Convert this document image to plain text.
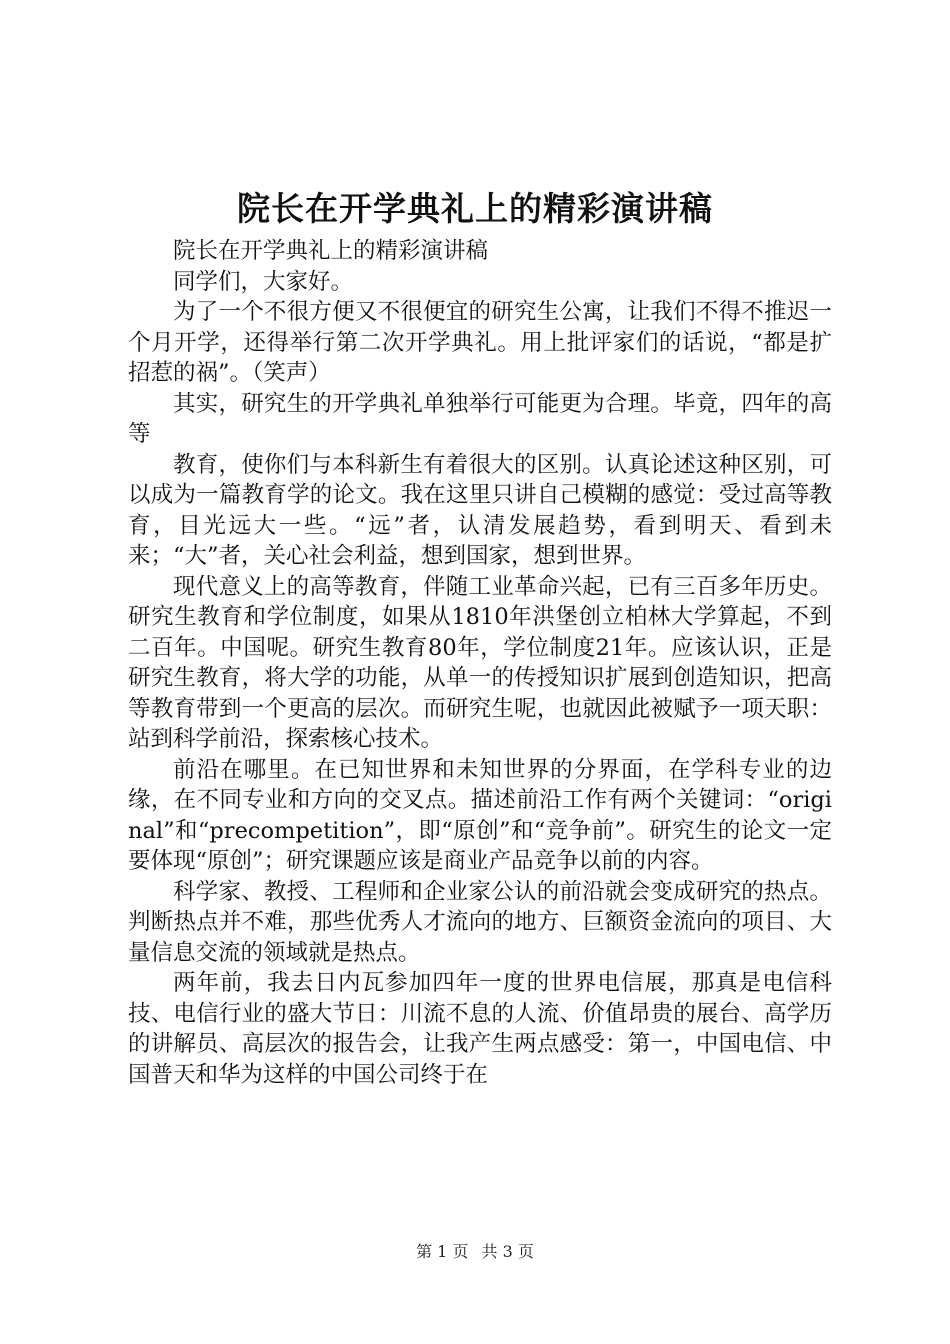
院长在开学典礼上的精彩演讲稿

院长在开学典礼上的精彩演讲稿

同学们，大家好。

为了一个不很方便又不很便宜的研究生公寓，让我们不得不推迟一个月开学，还得举行第二次开学典礼。用上批评家们的话说，“都是扩招惹的祸”。（笑声）

其实，研究生的开学典礼单独举行可能更为合理。毕竟，四年的高等

教育，使你们与本科新生有着很大的区别。认真论述这种区别，可以成为一篇教育学的论文。我在这里只讲自己模糊的感觉：受过高等教育，目光远大一些。“远”者，认清发展趋势，看到明天、看到未来；“大”者，关心社会利益，想到国家，想到世界。

现代意义上的高等教育，伴随工业革命兴起，已有三百多年历史。研究生教育和学位制度，如果从1810年洪堡创立柏林大学算起，不到二百年。中国呢。研究生教育80年，学位制度21年。应该认识，正是研究生教育，将大学的功能，从单一的传授知识扩展到创造知识，把高等教育带到一个更高的层次。而研究生呢，也就因此被赋予一项天职：站到科学前沿，探索核心技术。

前沿在哪里。在已知世界和未知世界的分界面，在学科专业的边缘，在不同专业和方向的交叉点。描述前沿工作有两个关键词：“original”和“precompetition”，即“原创”和“竞争前”。研究生的论文一定要体现“原创”；研究课题应该是商业产品竞争以前的内容。

科学家、教授、工程师和企业家公认的前沿就会变成研究的热点。判断热点并不难，那些优秀人才流向的地方、巨额资金流向的项目、大量信息交流的领域就是热点。

两年前，我去日内瓦参加四年一度的世界电信展，那真是电信科技、电信行业的盛大节日：川流不息的人流、价值昂贵的展台、高学历的讲解员、高层次的报告会，让我产生两点感受：第一，中国电信、中国普天和华为这样的中国公司终于在

第 1 页 共 3 页
